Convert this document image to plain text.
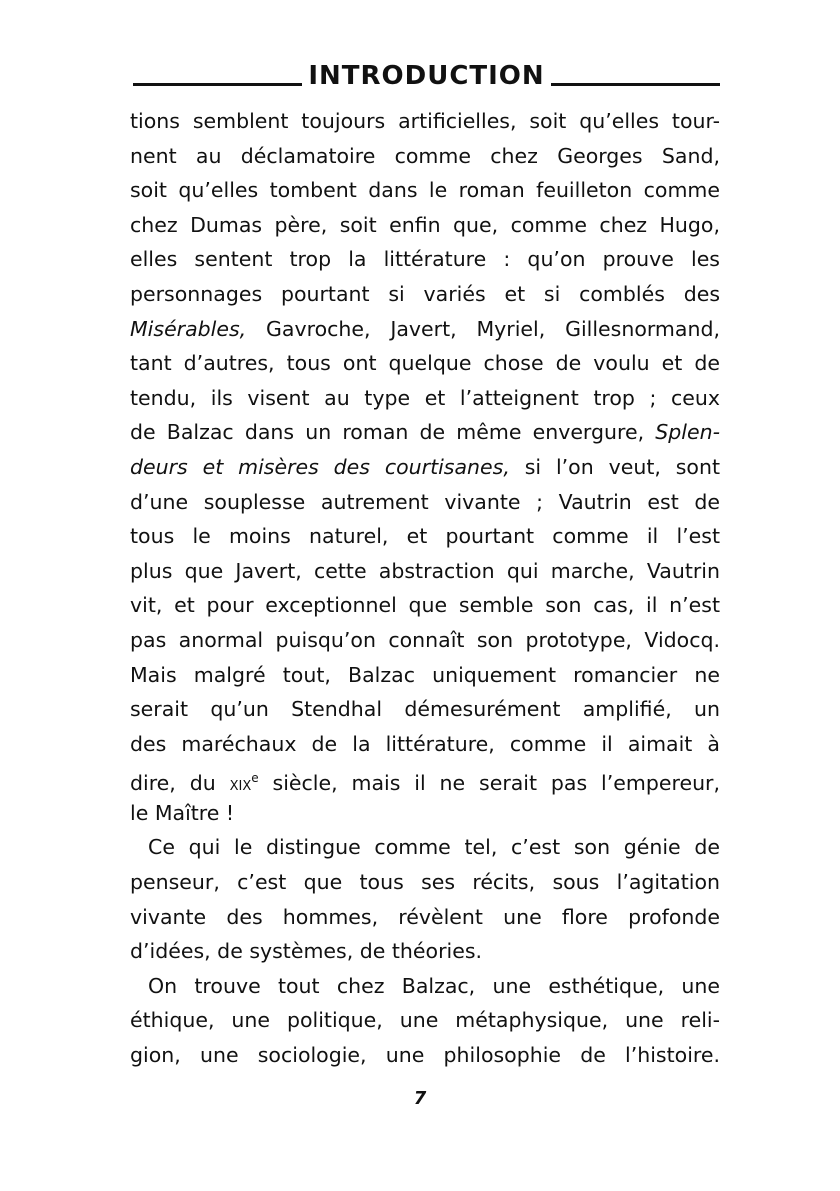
INTRODUCTION
tions semblent toujours artificielles, soit qu’elles tour-
nent au déclamatoire comme chez Georges Sand,
soit qu’elles tombent dans le roman feuilleton comme
chez Dumas père, soit enfin que, comme chez Hugo,
elles sentent trop la littérature : qu’on prouve les
personnages pourtant si variés et si comblés des
Misérables, Gavroche, Javert, Myriel, Gillesnormand,
tant d’autres, tous ont quelque chose de voulu et de
tendu, ils visent au type et l’atteignent trop ; ceux
de Balzac dans un roman de même envergure, Splen-
deurs et misères des courtisanes, si l’on veut, sont
d’une souplesse autrement vivante ; Vautrin est de
tous le moins naturel, et pourtant comme il l’est
plus que Javert, cette abstraction qui marche, Vautrin
vit, et pour exceptionnel que semble son cas, il n’est
pas anormal puisqu’on connaît son prototype, Vidocq.
Mais malgré tout, Balzac uniquement romancier ne
serait qu’un Stendhal démesurément amplifié, un
des maréchaux de la littérature, comme il aimait à
dire, du xix$^e$ siècle, mais il ne serait pas l’empereur,
le Maître !
Ce qui le distingue comme tel, c’est son génie de
penseur, c’est que tous ses récits, sous l’agitation
vivante des hommes, révèlent une flore profonde
d’idées, de systèmes, de théories.
On trouve tout chez Balzac, une esthétique, une
éthique, une politique, une métaphysique, une reli-
gion, une sociologie, une philosophie de l’histoire.
7
